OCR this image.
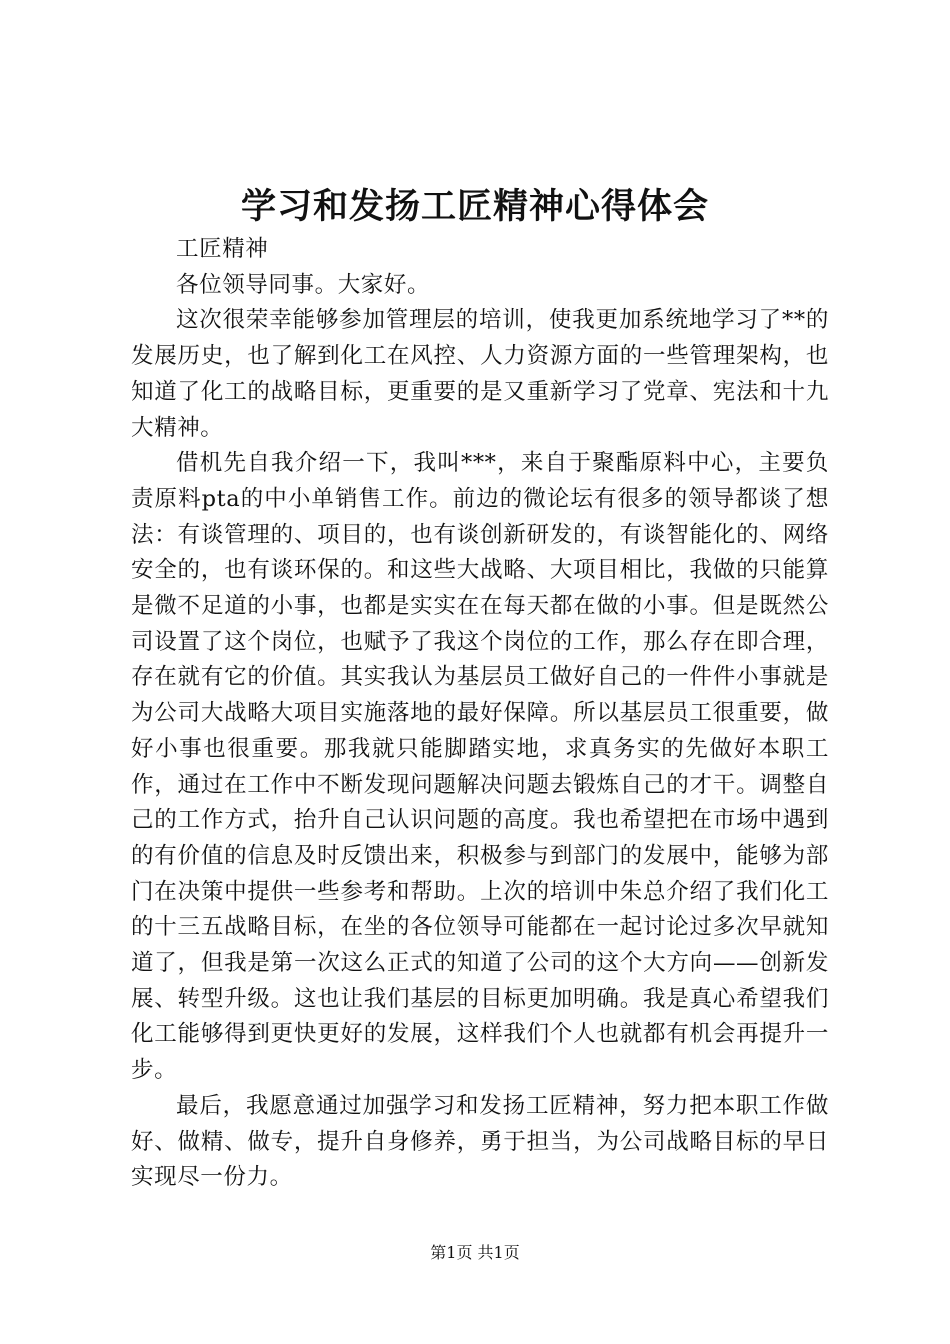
学习和发扬工匠精神心得体会

工匠精神

各位领导同事。大家好。

这次很荣幸能够参加管理层的培训，使我更加系统地学习了**的发展历史，也了解到化工在风控、人力资源方面的一些管理架构，也知道了化工的战略目标，更重要的是又重新学习了党章、宪法和十九大精神。

借机先自我介绍一下，我叫***，来自于聚酯原料中心，主要负责原料pta的中小单销售工作。前边的微论坛有很多的领导都谈了想法：有谈管理的、项目的，也有谈创新研发的，有谈智能化的、网络安全的，也有谈环保的。和这些大战略、大项目相比，我做的只能算是微不足道的小事，也都是实实在在每天都在做的小事。但是既然公司设置了这个岗位，也赋予了我这个岗位的工作，那么存在即合理，存在就有它的价值。其实我认为基层员工做好自己的一件件小事就是为公司大战略大项目实施落地的最好保障。所以基层员工很重要，做好小事也很重要。那我就只能脚踏实地，求真务实的先做好本职工作，通过在工作中不断发现问题解决问题去锻炼自己的才干。调整自己的工作方式，抬升自己认识问题的高度。我也希望把在市场中遇到的有价值的信息及时反馈出来，积极参与到部门的发展中，能够为部门在决策中提供一些参考和帮助。上次的培训中朱总介绍了我们化工的十三五战略目标，在坐的各位领导可能都在一起讨论过多次早就知道了，但我是第一次这么正式的知道了公司的这个大方向——创新发展、转型升级。这也让我们基层的目标更加明确。我是真心希望我们化工能够得到更快更好的发展，这样我们个人也就都有机会再提升一步。

最后，我愿意通过加强学习和发扬工匠精神，努力把本职工作做好、做精、做专，提升自身修养，勇于担当，为公司战略目标的早日实现尽一份力。

第1页 共1页
